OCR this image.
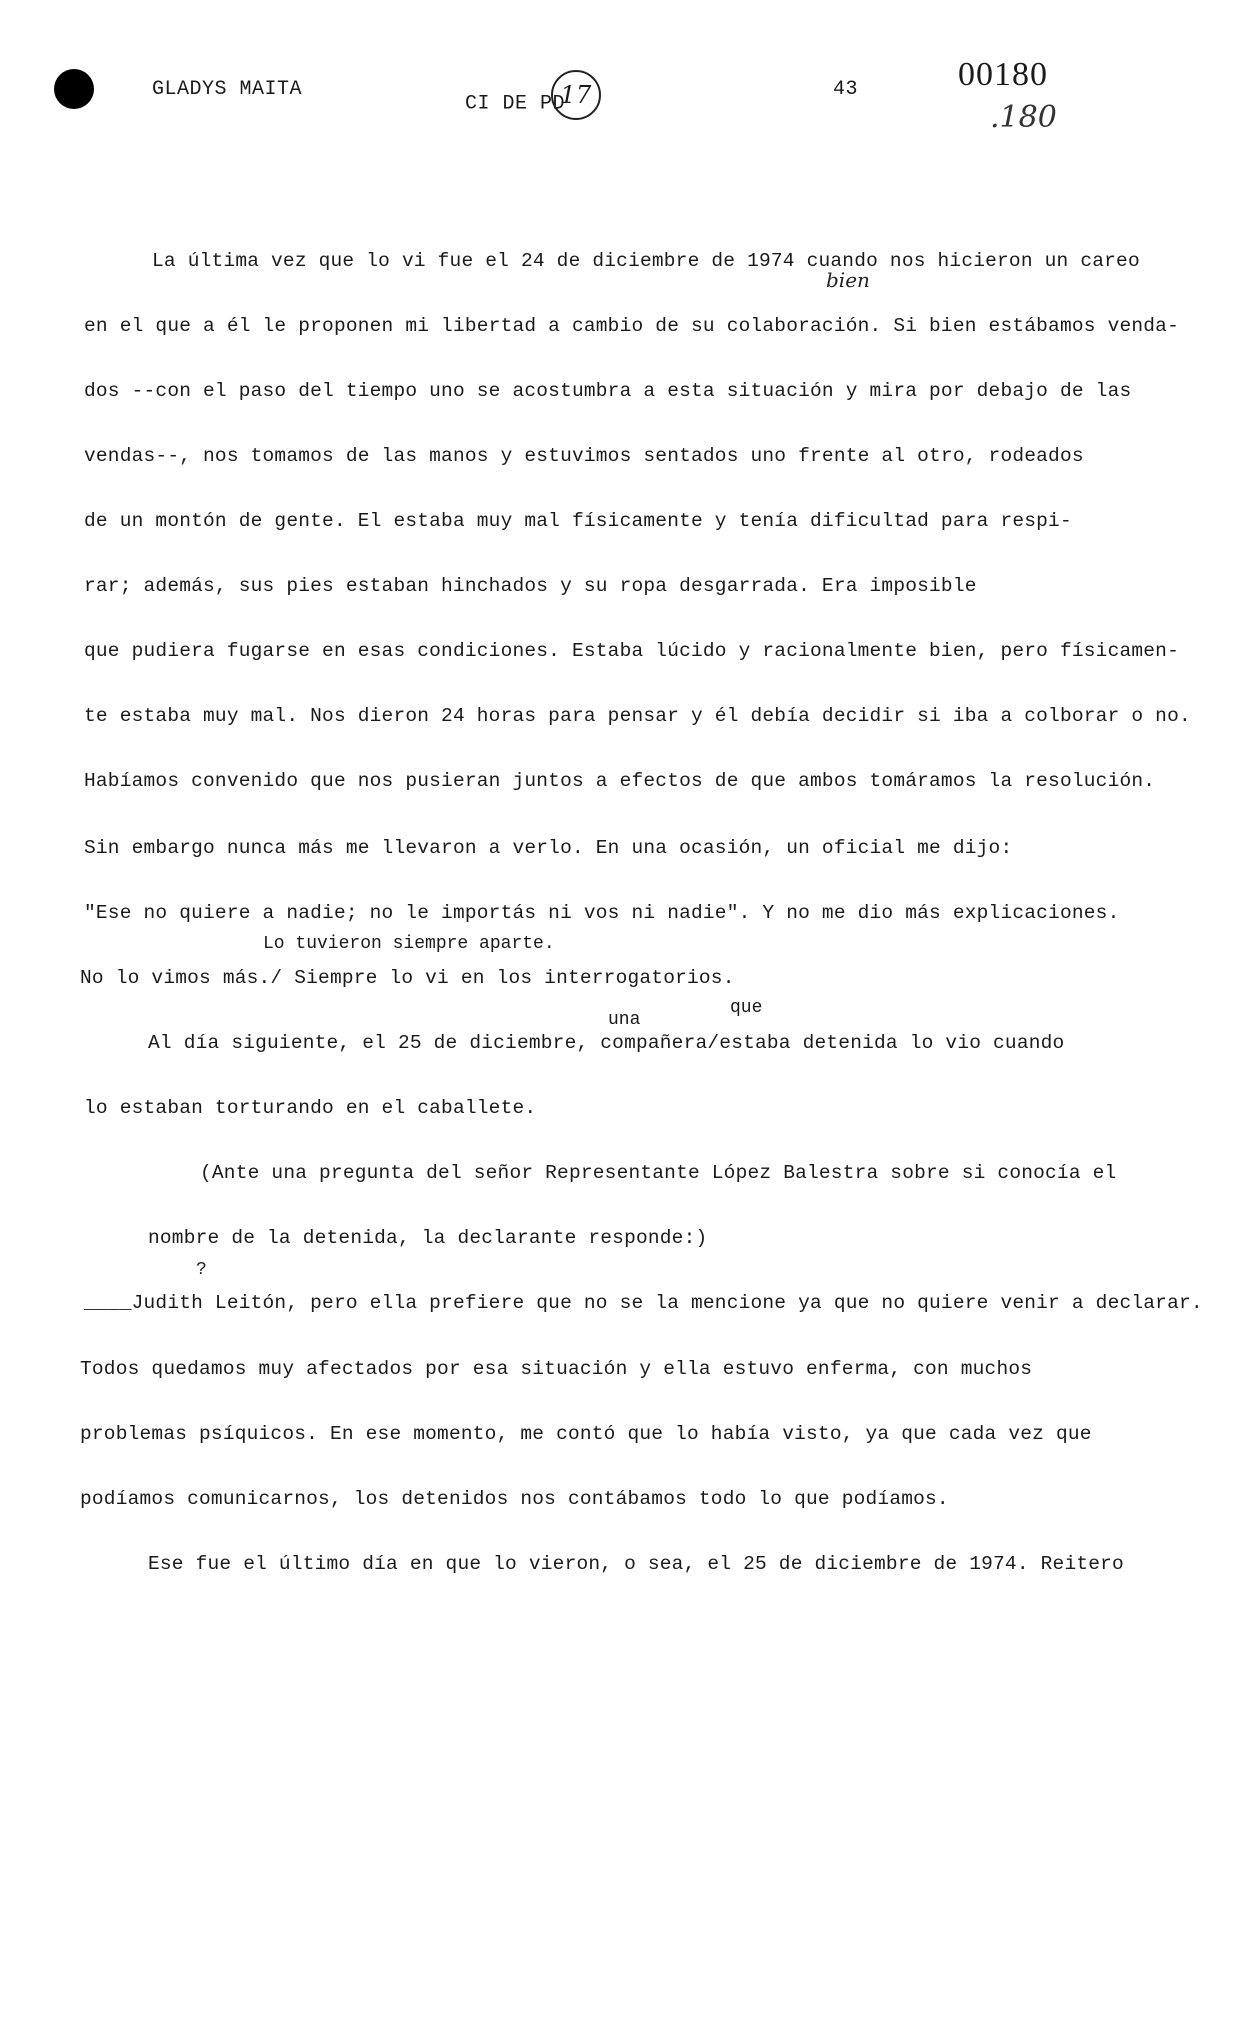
GLADYS MAITA
CI DE PD17	43	00180
.180
bien
Lo tuvieron siempre aparte.
una
que
?
La última vez que lo vi fue el 24 de diciembre de 1974 cuando nos hicieron un careo
en el que a él le proponen mi libertad a cambio de su colaboración. Si bien estábamos venda-
dos --con el paso del tiempo uno se acostumbra a esta situación y mira por debajo de las
vendas--, nos tomamos de las manos y estuvimos sentados uno frente al otro, rodeados
de un montón de gente. El estaba muy mal físicamente y tenía dificultad para respi-
rar; además, sus pies estaban hinchados y su ropa desgarrada. Era imposible
que pudiera fugarse en esas condiciones. Estaba lúcido y racionalmente bien, pero físicamen-
te estaba muy mal. Nos dieron 24 horas para pensar y él debía decidir si iba a colborar o no.
Habíamos convenido que nos pusieran juntos a efectos de que ambos tomáramos la resolución.
Sin embargo nunca más me llevaron a verlo. En una ocasión, un oficial me dijo:
"Ese no quiere a nadie; no le importás ni vos ni nadie". Y no me dio más explicaciones.
No lo vimos más./ Siempre lo vi en los interrogatorios.
Al día siguiente, el 25 de diciembre, compañera/estaba detenida lo vio cuando
lo estaban torturando en el caballete.
(Ante una pregunta del señor Representante López Balestra sobre si conocía el
nombre de la detenida, la declarante responde:)
____Judith Leitón, pero ella prefiere que no se la mencione ya que no quiere venir a declarar.
Todos quedamos muy afectados por esa situación y ella estuvo enferma, con muchos
problemas psíquicos. En ese momento, me contó que lo había visto, ya que cada vez que
podíamos comunicarnos, los detenidos nos contábamos todo lo que podíamos.
Ese fue el último día en que lo vieron, o sea, el 25 de diciembre de 1974. Reitero
